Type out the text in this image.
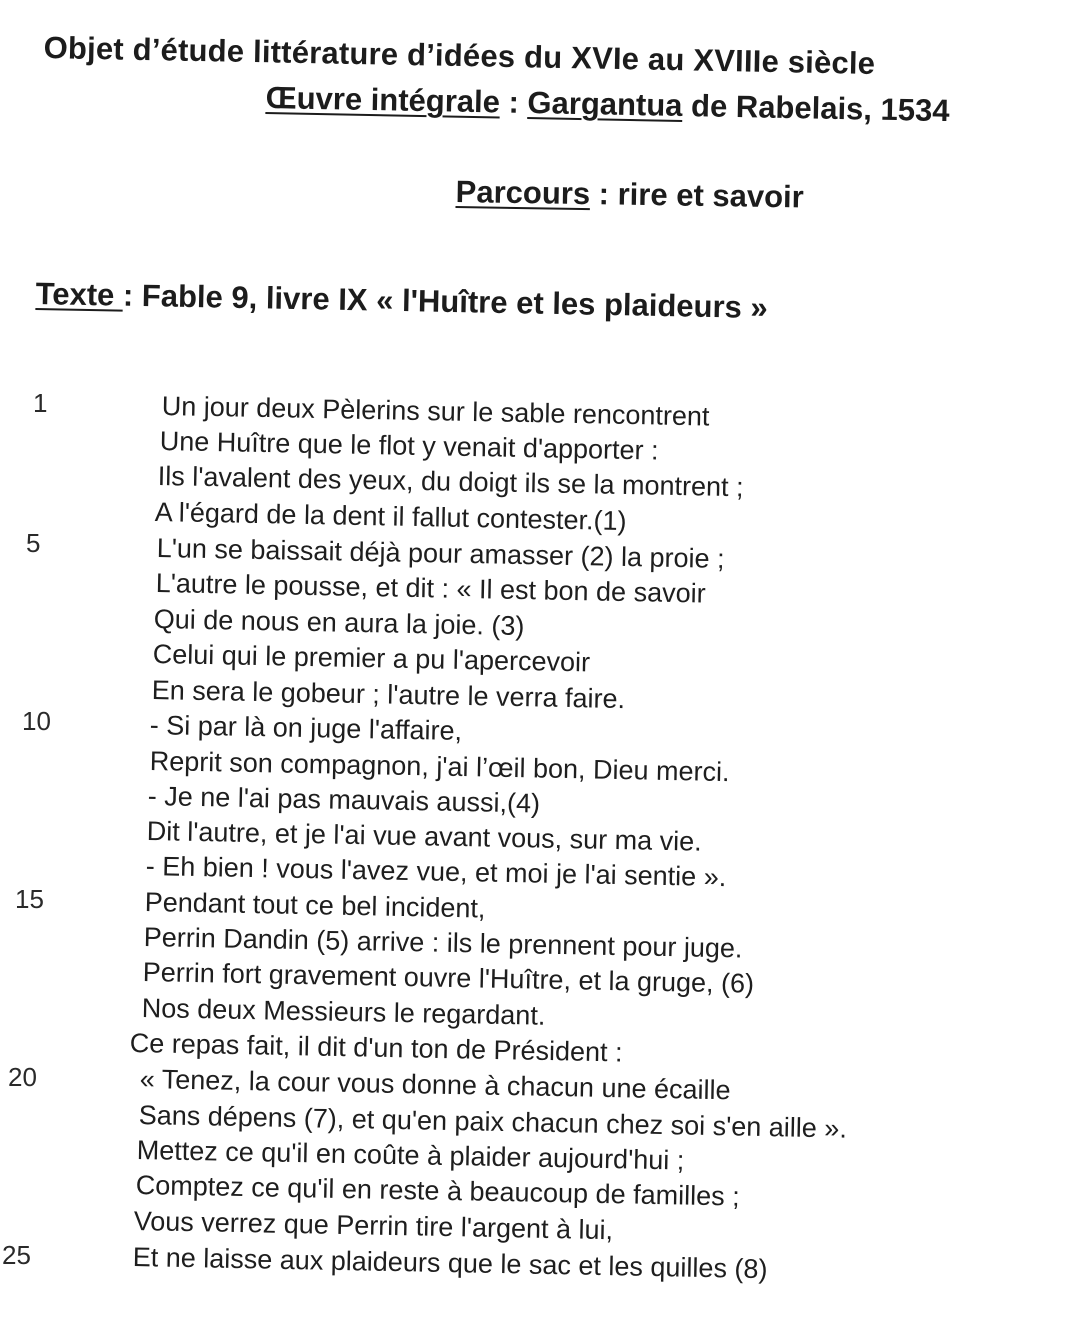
Objet d’étude littérature d’idées du XVIe au XVIIIe siècle
Œuvre intégrale : Gargantua de Rabelais, 1534
Parcours : rire et savoir
Texte : Fable 9, livre IX « l'Huître et les plaideurs »
1
5
10
15
20
25
Un jour deux Pèlerins sur le sable rencontrent
Une Huître que le flot y venait d'apporter :
Ils l'avalent des yeux, du doigt ils se la montrent ;
A l'égard de la dent il fallut contester.(1)
L'un se baissait déjà pour amasser (2) la proie ;
L'autre le pousse, et dit : « Il est bon de savoir
Qui de nous en aura la joie. (3)
Celui qui le premier a pu l'apercevoir
En sera le gobeur ; l'autre le verra faire.
- Si par là on juge l'affaire,
Reprit son compagnon, j'ai l’œil bon, Dieu merci.
- Je ne l'ai pas mauvais aussi,(4)
Dit l'autre, et je l'ai vue avant vous, sur ma vie.
- Eh bien ! vous l'avez vue, et moi je l'ai sentie ».
Pendant tout ce bel incident,
Perrin Dandin (5) arrive : ils le prennent pour juge.
Perrin fort gravement ouvre l'Huître, et la gruge, (6)
Nos deux Messieurs le regardant.
Ce repas fait, il dit d'un ton de Président :
« Tenez, la cour vous donne à chacun une écaille
Sans dépens (7), et qu'en paix chacun chez soi s'en aille ».
Mettez ce qu'il en coûte à plaider aujourd'hui ;
Comptez ce qu'il en reste à beaucoup de familles ;
Vous verrez que Perrin tire l'argent à lui,
Et ne laisse aux plaideurs que le sac et les quilles (8)
